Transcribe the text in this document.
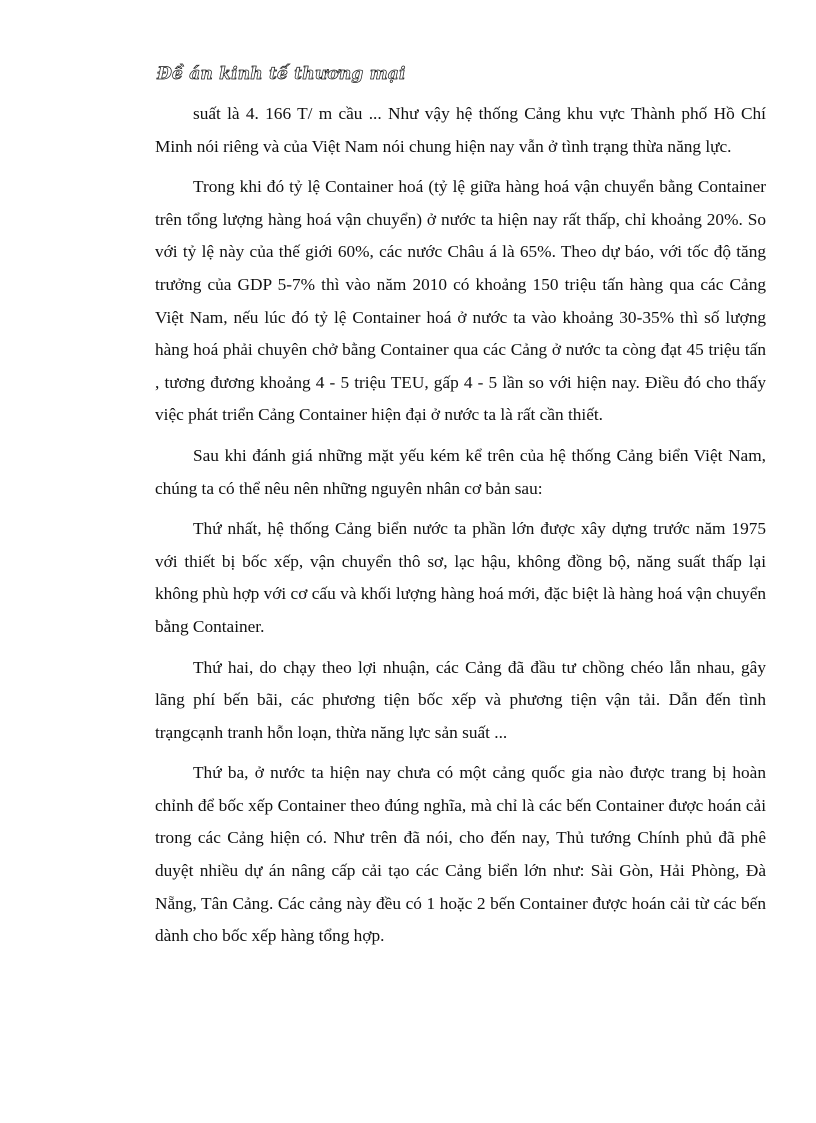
Đề án kinh tế thương mại

suất là 4. 166 T/ m cầu ... Như vậy hệ thống Cảng khu vực Thành phố Hồ Chí Minh nói riêng và của Việt Nam nói chung hiện nay vẫn ở tình trạng thừa năng lực.

Trong khi đó tỷ lệ Container hoá (tỷ lệ giữa hàng hoá vận chuyển bằng Container trên tổng lượng hàng hoá vận chuyển) ở nước ta hiện nay rất thấp, chỉ khoảng 20%. So với tỷ lệ này của thế giới 60%, các nước Châu á là 65%. Theo dự báo, với tốc độ tăng trưởng của GDP 5-7% thì vào năm 2010 có khoảng 150 triệu tấn hàng qua các Cảng Việt Nam, nếu lúc đó tỷ lệ Container hoá ở nước ta vào khoảng 30-35% thì số lượng hàng hoá phải chuyên chở bằng Container qua các Cảng ở nước ta còng đạt 45 triệu tấn , tương đương khoảng 4 - 5 triệu TEU, gấp 4 - 5 lần so với hiện nay. Điều đó cho thấy việc phát triển Cảng Container hiện đại ở nước ta là rất cần thiết.

Sau khi đánh giá những mặt yếu kém kể trên của hệ thống Cảng biển Việt Nam, chúng ta có thể nêu nên những nguyên nhân cơ bản sau:

Thứ nhất, hệ thống Cảng biển nước ta phần lớn được xây dựng trước năm 1975 với thiết bị bốc xếp, vận chuyển thô sơ, lạc hậu, không đồng bộ, năng suất thấp lại không phù hợp với cơ cấu và khối lượng hàng hoá mới, đặc biệt là hàng hoá vận chuyển bằng Container.

Thứ hai, do chạy theo lợi nhuận, các Cảng đã đầu tư chồng chéo lẫn nhau, gây lãng phí bến bãi, các phương tiện bốc xếp và phương tiện vận tải. Dẫn đến tình trạngcạnh tranh hỗn loạn, thừa năng lực sản suất ...

Thứ ba, ở nước ta hiện nay chưa có một cảng quốc gia nào được trang bị hoàn chỉnh để bốc xếp Container theo đúng nghĩa, mà chỉ là các bến Container được hoán cải trong các Cảng hiện có. Như trên đã nói, cho đến nay, Thủ tướng Chính phủ đã phê duyệt nhiều dự án nâng cấp cải tạo các Cảng biển lớn như: Sài Gòn, Hải Phòng, Đà Nẵng, Tân Cảng. Các cảng này đều có 1 hoặc 2 bến Container được hoán cải từ các bến dành cho bốc xếp hàng tổng hợp.
